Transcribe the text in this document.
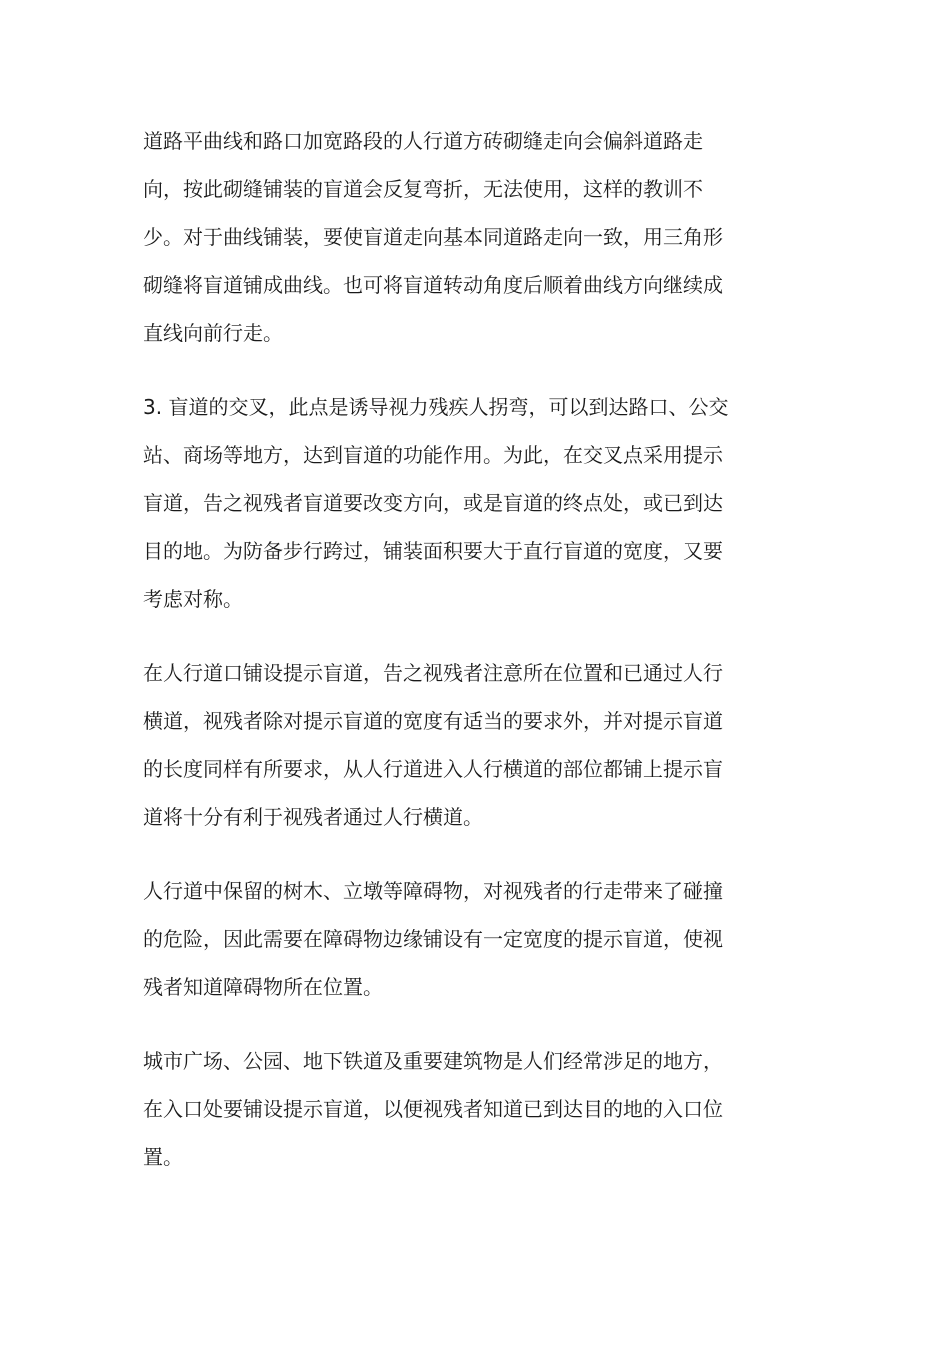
道路平曲线和路口加宽路段的人行道方砖砌缝走向会偏斜道路走
向，按此砌缝铺装的盲道会反复弯折，无法使用，这样的教训不
少。对于曲线铺装，要使盲道走向基本同道路走向一致，用三角形
砌缝将盲道铺成曲线。也可将盲道转动角度后顺着曲线方向继续成
直线向前行走。

3. 盲道的交叉，此点是诱导视力残疾人拐弯，可以到达路口、公交
站、商场等地方，达到盲道的功能作用。为此，在交叉点采用提示
盲道，告之视残者盲道要改变方向，或是盲道的终点处，或已到达
目的地。为防备步行跨过，铺装面积要大于直行盲道的宽度，又要
考虑对称。

在人行道口铺设提示盲道，告之视残者注意所在位置和已通过人行
横道，视残者除对提示盲道的宽度有适当的要求外，并对提示盲道
的长度同样有所要求，从人行道进入人行横道的部位都铺上提示盲
道将十分有利于视残者通过人行横道。

人行道中保留的树木、立墩等障碍物，对视残者的行走带来了碰撞
的危险，因此需要在障碍物边缘铺设有一定宽度的提示盲道，使视
残者知道障碍物所在位置。

城市广场、公园、地下铁道及重要建筑物是人们经常涉足的地方，
在入口处要铺设提示盲道，以便视残者知道已到达目的地的入口位
置。
